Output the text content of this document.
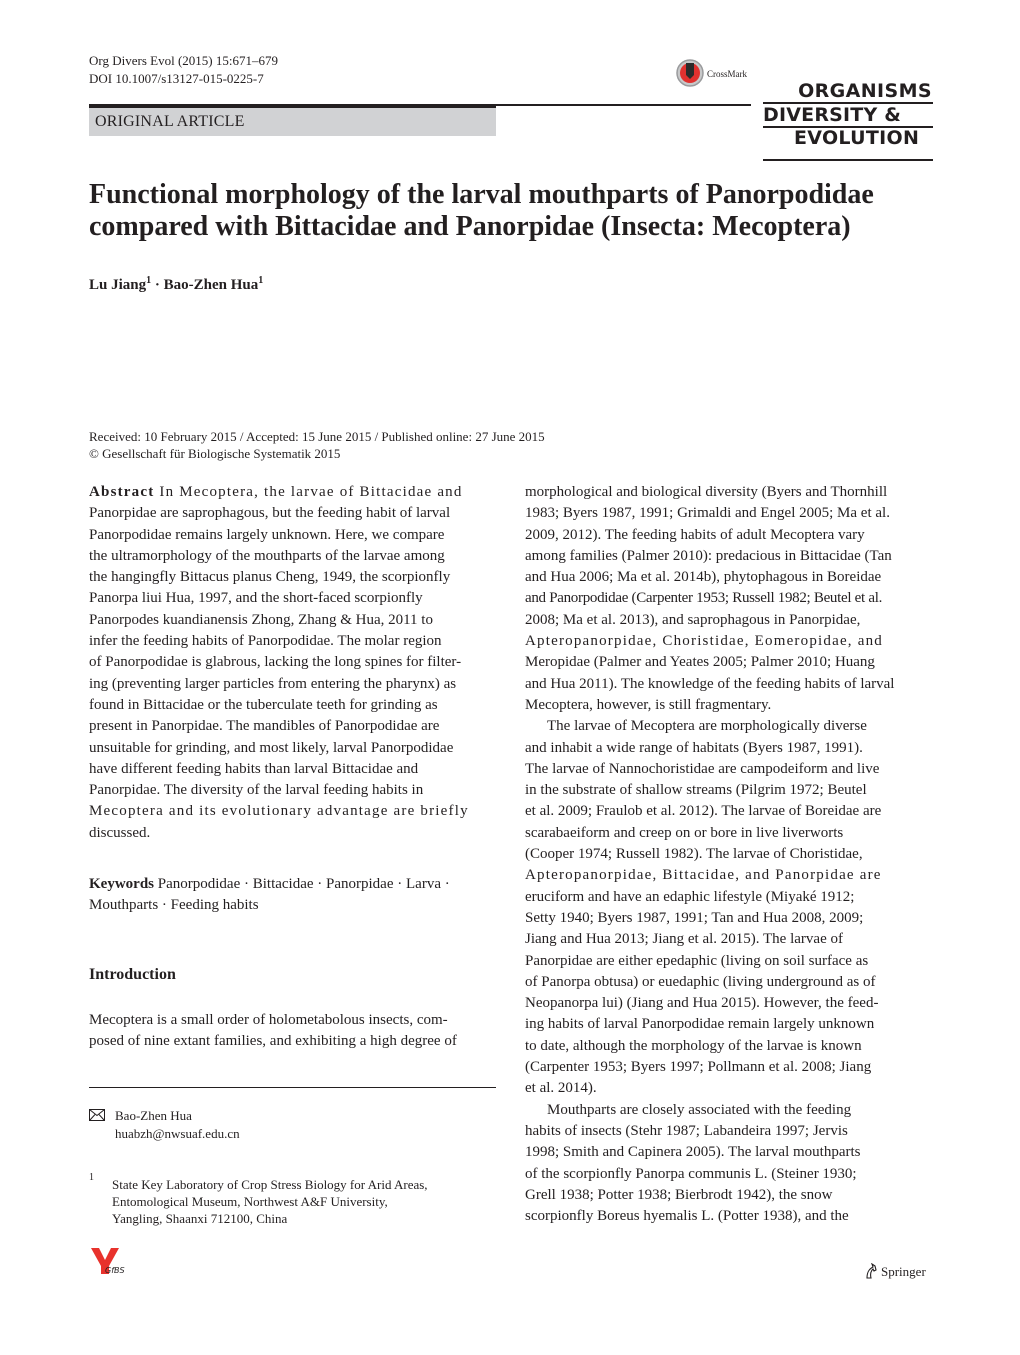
Org Divers Evol (2015) 15:671–679
DOI 10.1007/s13127-015-0225-7	CrossMark
ORIGINAL ARTICLE
ORGANISMS
DIVERSITY &
EVOLUTION
Functional morphology of the larval mouthparts of Panorpodidae
compared with Bittacidae and Panorpidae (Insecta: Mecoptera)
Lu Jiang$^1$ · Bao-Zhen Hua$^1$
Received: 10 February 2015 / Accepted: 15 June 2015 / Published online: 27 June 2015
© Gesellschaft für Biologische Systematik 2015
Abstract In Mecoptera, the larvae of Bittacidae and
Panorpidae are saprophagous, but the feeding habit of larval
Panorpodidae remains largely unknown. Here, we compare
the ultramorphology of the mouthparts of the larvae among
the hangingfly Bittacus planus Cheng, 1949, the scorpionfly
Panorpa liui Hua, 1997, and the short-faced scorpionfly
Panorpodes kuandianensis Zhong, Zhang & Hua, 2011 to
infer the feeding habits of Panorpodidae. The molar region
of Panorpodidae is glabrous, lacking the long spines for filter-
ing (preventing larger particles from entering the pharynx) as
found in Bittacidae or the tuberculate teeth for grinding as
present in Panorpidae. The mandibles of Panorpodidae are
unsuitable for grinding, and most likely, larval Panorpodidae
have different feeding habits than larval Bittacidae and
Panorpidae. The diversity of the larval feeding habits in
Mecoptera and its evolutionary advantage are briefly
discussed.
Keywords Panorpodidae · Bittacidae · Panorpidae · Larva ·
Mouthparts · Feeding habits
Introduction
Mecoptera is a small order of holometabolous insects, com-
posed of nine extant families, and exhibiting a high degree of
Bao-Zhen Hua
huabzh@nwsuaf.edu.cn
1 State Key Laboratory of Crop Stress Biology for Arid Areas,
Entomological Museum, Northwest A&F University,
Yangling, Shaanxi 712100, China
morphological and biological diversity (Byers and Thornhill
1983; Byers 1987, 1991; Grimaldi and Engel 2005; Ma et al.
2009, 2012). The feeding habits of adult Mecoptera vary
among families (Palmer 2010): predacious in Bittacidae (Tan
and Hua 2006; Ma et al. 2014b), phytophagous in Boreidae
and Panorpodidae (Carpenter 1953; Russell 1982; Beutel et al.
2008; Ma et al. 2013), and saprophagous in Panorpidae,
Apteropanorpidae, Choristidae, Eomeropidae, and
Meropidae (Palmer and Yeates 2005; Palmer 2010; Huang
and Hua 2011). The knowledge of the feeding habits of larval
Mecoptera, however, is still fragmentary.
The larvae of Mecoptera are morphologically diverse
and inhabit a wide range of habitats (Byers 1987, 1991).
The larvae of Nannochoristidae are campodeiform and live
in the substrate of shallow streams (Pilgrim 1972; Beutel
et al. 2009; Fraulob et al. 2012). The larvae of Boreidae are
scarabaeiform and creep on or bore in live liverworts
(Cooper 1974; Russell 1982). The larvae of Choristidae,
Apteropanorpidae, Bittacidae, and Panorpidae are
eruciform and have an edaphic lifestyle (Miyaké 1912;
Setty 1940; Byers 1987, 1991; Tan and Hua 2008, 2009;
Jiang and Hua 2013; Jiang et al. 2015). The larvae of
Panorpidae are either epedaphic (living on soil surface as
of Panorpa obtusa) or euedaphic (living underground as of
Neopanorpa lui) (Jiang and Hua 2015). However, the feed-
ing habits of larval Panorpodidae remain largely unknown
to date, although the morphology of the larvae is known
(Carpenter 1953; Byers 1997; Pollmann et al. 2008; Jiang
et al. 2014).
Mouthparts are closely associated with the feeding
habits of insects (Stehr 1987; Labandeira 1997; Jervis
1998; Smith and Capinera 2005). The larval mouthparts
of the scorpionfly Panorpa communis L. (Steiner 1930;
Grell 1938; Potter 1938; Bierbrodt 1942), the snow
scorpionfly Boreus hyemalis L. (Potter 1938), and the
GfBS	Springer
